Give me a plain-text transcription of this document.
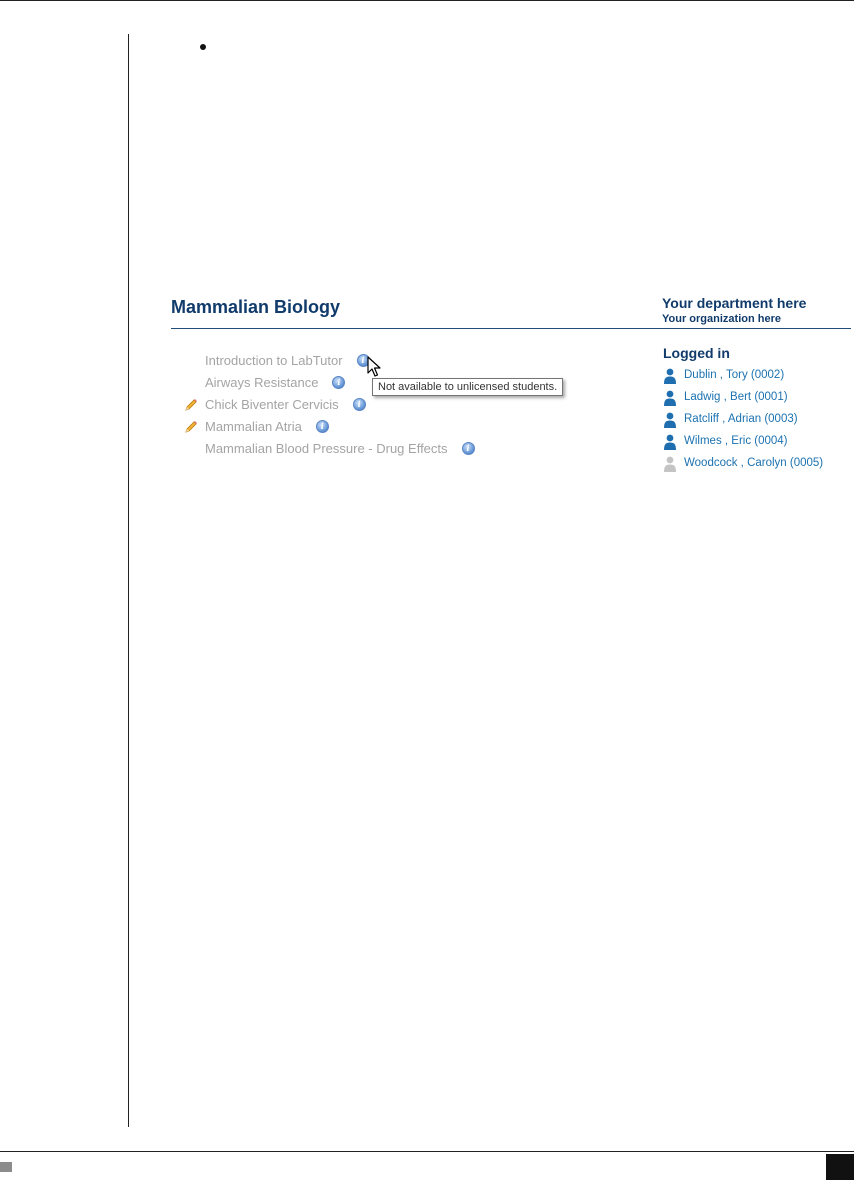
Mammalian Biology	Your department here
Your organization here
Introduction to LabTutor	i
Airways Resistance	i
Chick Biventer Cervicis	i
Mammalian Atria	i
Mammalian Blood Pressure - Drug Effects	i
Not available to unlicensed students.
Logged in
Dublin , Tory (0002)
Ladwig , Bert (0001)
Ratcliff , Adrian (0003)
Wilmes , Eric (0004)
Woodcock , Carolyn (0005)
